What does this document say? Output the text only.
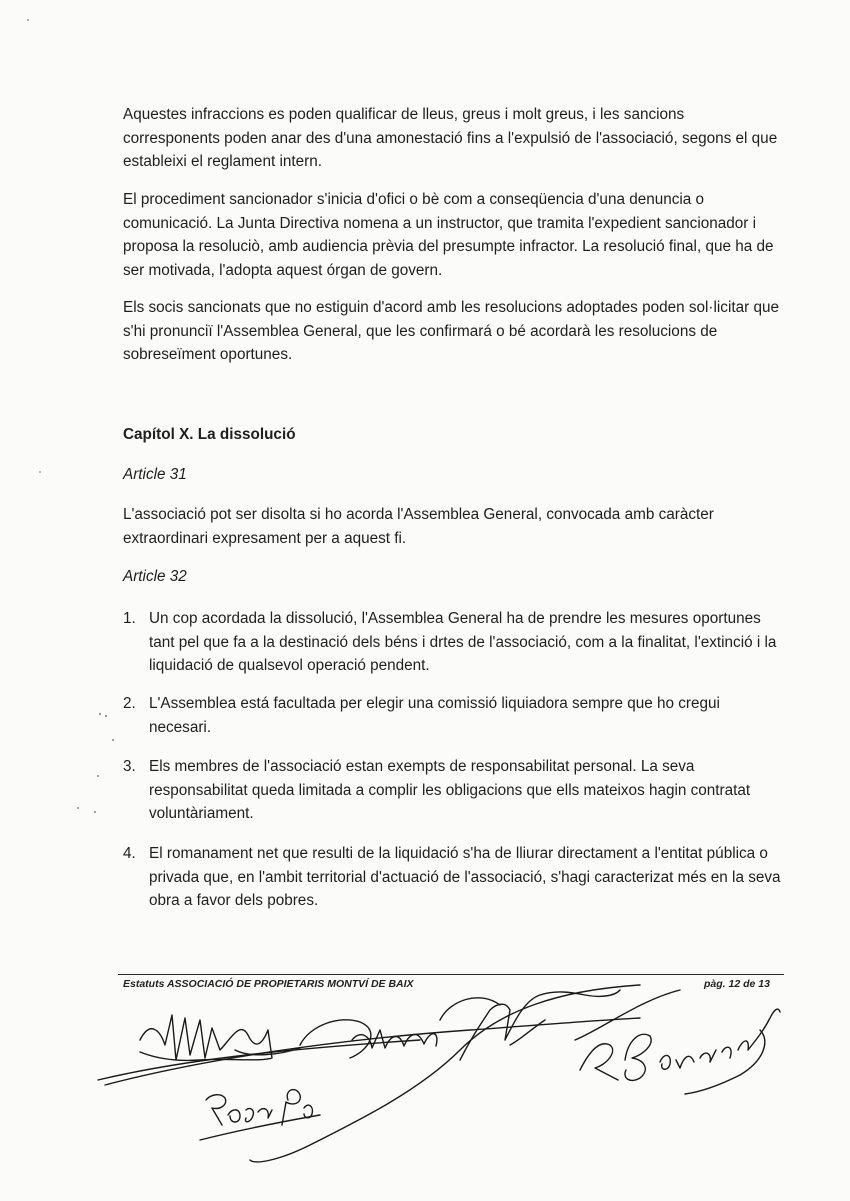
Aquestes infraccions es poden qualificar de lleus, greus i molt greus, i les sancions corresponents poden anar des d'una amonestació fins a l'expulsió de l'associació, segons el que estableixi el reglament intern.

El procediment sancionador s'inicia d'ofici o bè com a conseqüencia d'una denuncia o comunicació. La Junta Directiva nomena a un instructor, que tramita l'expedient sancionador i proposa la resoluciò, amb audiencia prèvia del presumpte infractor. La resolució final, que ha de ser motivada, l'adopta aquest órgan de govern.

Els socis sancionats que no estiguin d'acord amb les resolucions adoptades poden sol·licitar que s'hi pronunciï l'Assemblea General, que les confirmará o bé acordarà les resolucions de sobreseïment oportunes.

Capítol X. La dissolució

Article 31

L'associació pot ser disolta si ho acorda l'Assemblea General, convocada amb caràcter extraordinari expresament per a aquest fi.

Article 32

1. Un cop acordada la dissolució, l'Assemblea General ha de prendre les mesures oportunes tant pel que fa a la destinació dels béns i drtes de l'associació, com a la finalitat, l'extinció i la liquidació de qualsevol operació pendent.
2. L'Assemblea está facultada per elegir una comissió liquiadora sempre que ho cregui necesari.
3. Els membres de l'associació estan exempts de responsabilitat personal. La seva responsabilitat queda limitada a complir les obligacions que ells mateixos hagin contratat voluntàriament.
4. El romanament net que resulti de la liquidació s'ha de lliurar directament a l'entitat pública o privada que, en l'ambit territorial d'actuació de l'associació, s'hagi caracterizat més en la seva obra a favor dels pobres.
Estatuts ASSOCIACIÓ DE PROPIETARIS MONTVÍ DE BAIX	pàg. 12 de 13
